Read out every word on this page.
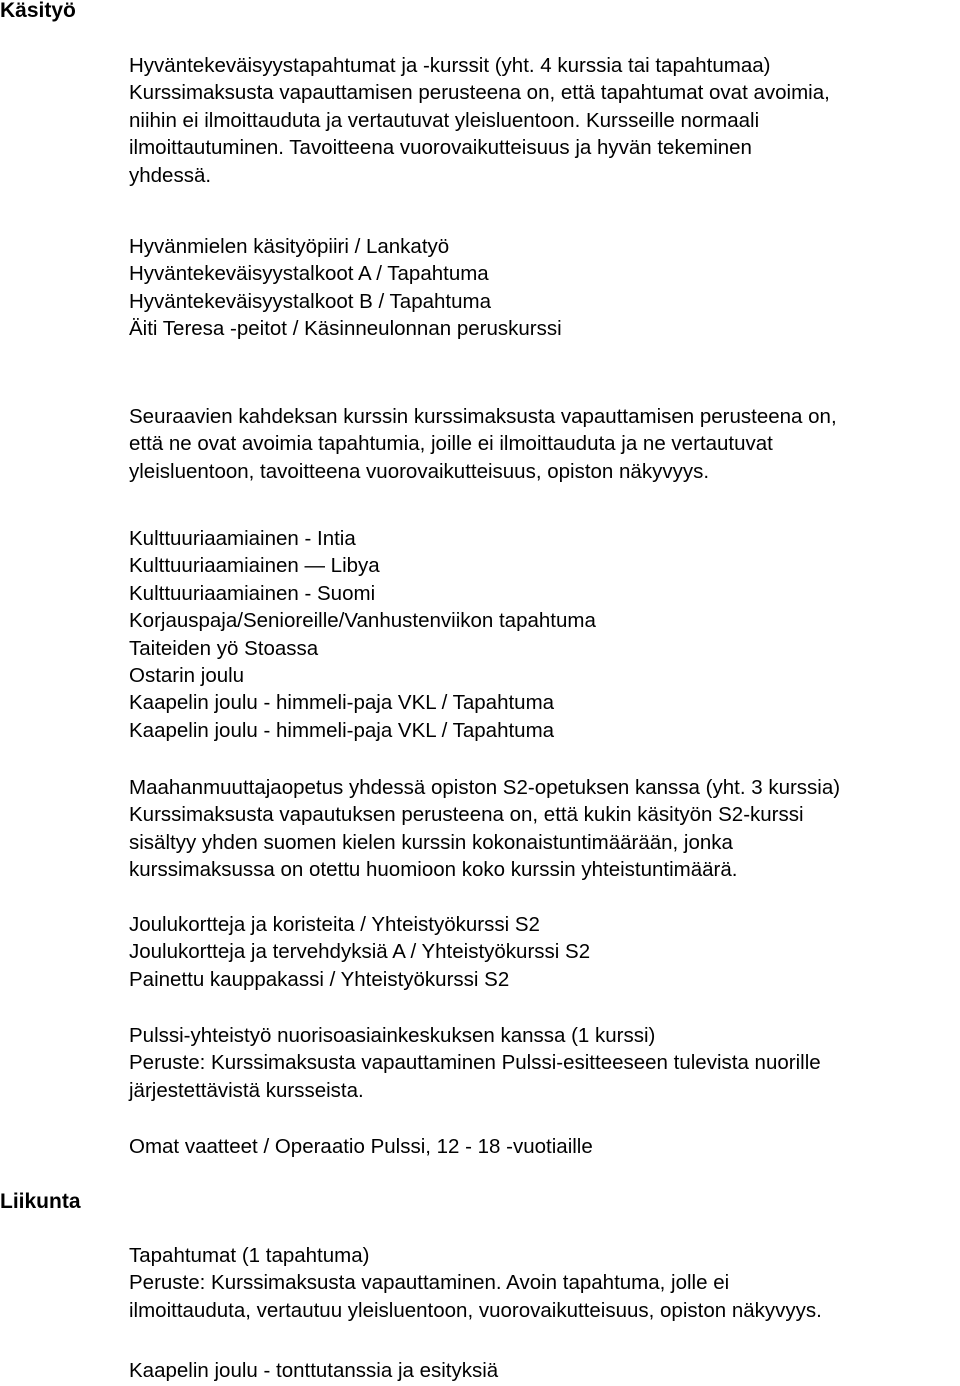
Käsityö
Hyväntekeväisyystapahtumat ja -kurssit (yht. 4 kurssia tai tapahtumaa)
Kurssimaksusta vapauttamisen perusteena on, että tapahtumat ovat avoimia,
niihin ei ilmoittauduta ja vertautuvat yleisluentoon. Kursseille normaali
ilmoittautuminen. Tavoitteena vuorovaikutteisuus ja hyvän tekeminen
yhdessä.
Hyvänmielen käsityöpiiri / Lankatyö
Hyväntekeväisyystalkoot A / Tapahtuma
Hyväntekeväisyystalkoot B / Tapahtuma
Äiti Teresa -peitot / Käsinneulonnan peruskurssi
Seuraavien kahdeksan kurssin kurssimaksusta vapauttamisen perusteena on,
että ne ovat avoimia tapahtumia, joille ei ilmoittauduta ja ne vertautuvat
yleisluentoon, tavoitteena vuorovaikutteisuus, opiston näkyvyys.
Kulttuuriaamiainen - Intia
Kulttuuriaamiainen — Libya
Kulttuuriaamiainen - Suomi
Korjauspaja/Senioreille/Vanhustenviikon tapahtuma
Taiteiden yö Stoassa
Ostarin joulu
Kaapelin joulu - himmeli-paja VKL / Tapahtuma
Kaapelin joulu - himmeli-paja VKL / Tapahtuma
Maahanmuuttajaopetus yhdessä opiston S2-opetuksen kanssa (yht. 3 kurssia)
Kurssimaksusta vapautuksen perusteena on, että kukin käsityön S2-kurssi
sisältyy yhden suomen kielen kurssin kokonaistuntimäärään, jonka
kurssimaksussa on otettu huomioon koko kurssin yhteistuntimäärä.
Joulukortteja ja koristeita / Yhteistyökurssi S2
Joulukortteja ja tervehdyksiä A / Yhteistyökurssi S2
Painettu kauppakassi / Yhteistyökurssi S2
Pulssi-yhteistyö nuorisoasiainkeskuksen kanssa (1 kurssi)
Peruste: Kurssimaksusta vapauttaminen Pulssi-esitteeseen tulevista nuorille
järjestettävistä kursseista.
Omat vaatteet / Operaatio Pulssi, 12 - 18 -vuotiaille
Liikunta
Tapahtumat (1 tapahtuma)
Peruste: Kurssimaksusta vapauttaminen. Avoin tapahtuma, jolle ei
ilmoittauduta, vertautuu yleisluentoon, vuorovaikutteisuus, opiston näkyvyys.
Kaapelin joulu - tonttutanssia ja esityksiä
